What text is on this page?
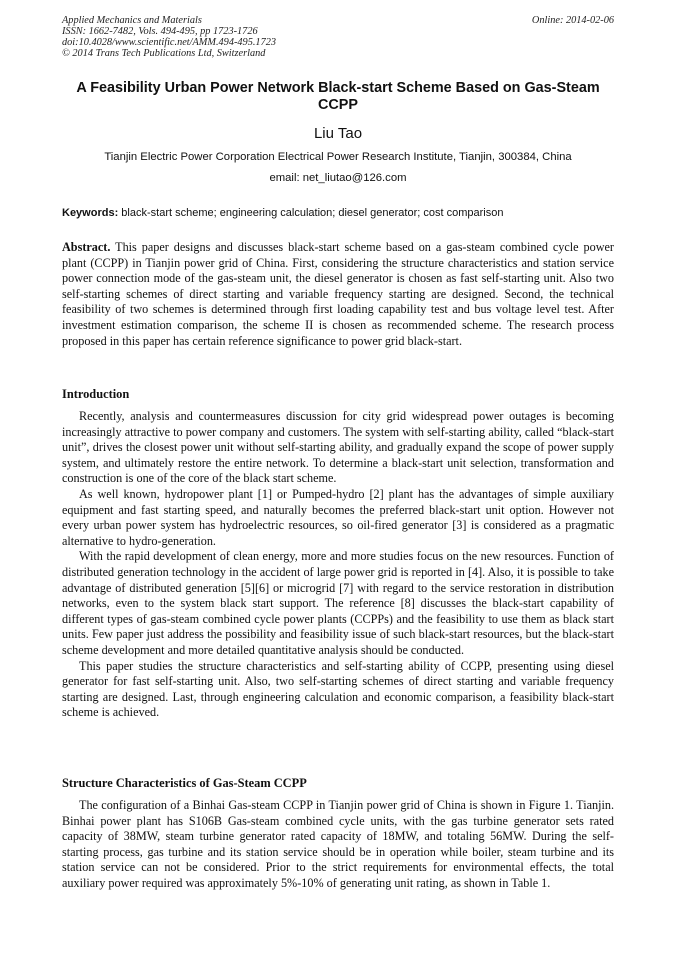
Applied Mechanics and Materials
ISSN: 1662-7482, Vols. 494-495, pp 1723-1726
doi:10.4028/www.scientific.net/AMM.494-495.1723
© 2014 Trans Tech Publications Ltd, Switzerland
Online: 2014-02-06
A Feasibility Urban Power Network Black-start Scheme Based on Gas-Steam CCPP
Liu Tao
Tianjin Electric Power Corporation Electrical Power Research Institute, Tianjin, 300384, China
email: net_liutao@126.com
Keywords: black-start scheme; engineering calculation; diesel generator; cost comparison

Abstract. This paper designs and discusses black-start scheme based on a gas-steam combined cycle power plant (CCPP) in Tianjin power grid of China. First, considering the structure characteristics and station service power connection mode of the gas-steam unit, the diesel generator is chosen as fast self-starting unit. Also two self-starting schemes of direct starting and variable frequency starting are designed. Second, the technical feasibility of two schemes is determined through first loading capability test and bus voltage level test. After investment estimation comparison, the scheme II is chosen as recommended scheme. The research process proposed in this paper has certain reference significance to power grid black-start.

Introduction

Recently, analysis and countermeasures discussion for city grid widespread power outages is becoming increasingly attractive to power company and customers. The system with self-starting ability, called “black-start unit”, drives the closest power unit without self-starting ability, and gradually expand the scope of power supply system, and ultimately restore the entire network. To determine a black-start unit selection, transformation and construction is one of the core of the black start scheme.

As well known, hydropower plant [1] or Pumped-hydro [2] plant has the advantages of simple auxiliary equipment and fast starting speed, and naturally becomes the preferred black-start unit option. However not every urban power system has hydroelectric resources, so oil-fired generator [3] is considered as a pragmatic alternative to hydro-generation.

With the rapid development of clean energy, more and more studies focus on the new resources. Function of distributed generation technology in the accident of large power grid is reported in [4]. Also, it is possible to take advantage of distributed generation [5][6] or microgrid [7] with regard to the service restoration in distribution networks, even to the system black start support. The reference [8] discusses the black-start capability of different types of gas-steam combined cycle power plants (CCPPs) and the feasibility to use them as black start units. Few paper just address the possibility and feasibility issue of such black-start resources, but the black-start scheme development and more detailed quantitative analysis should be conducted.

This paper studies the structure characteristics and self-starting ability of CCPP, presenting using diesel generator for fast self-starting unit. Also, two self-starting schemes of direct starting and variable frequency starting are designed. Last, through engineering calculation and economic comparison, a feasibility black-start scheme is achieved.

Structure Characteristics of Gas-Steam CCPP

The configuration of a Binhai Gas-steam CCPP in Tianjin power grid of China is shown in Figure 1. Tianjin. Binhai power plant has S106B Gas-steam combined cycle units, with the gas turbine generator sets rated capacity of 38MW, steam turbine generator rated capacity of 18MW, and totaling 56MW. During the self-starting process, gas turbine and its station service should be in operation while boiler, steam turbine and its station service can not be considered. Prior to the strict requirements for environmental effects, the total auxiliary power required was approximately 5%-10% of generating unit rating, as shown in Table 1.
